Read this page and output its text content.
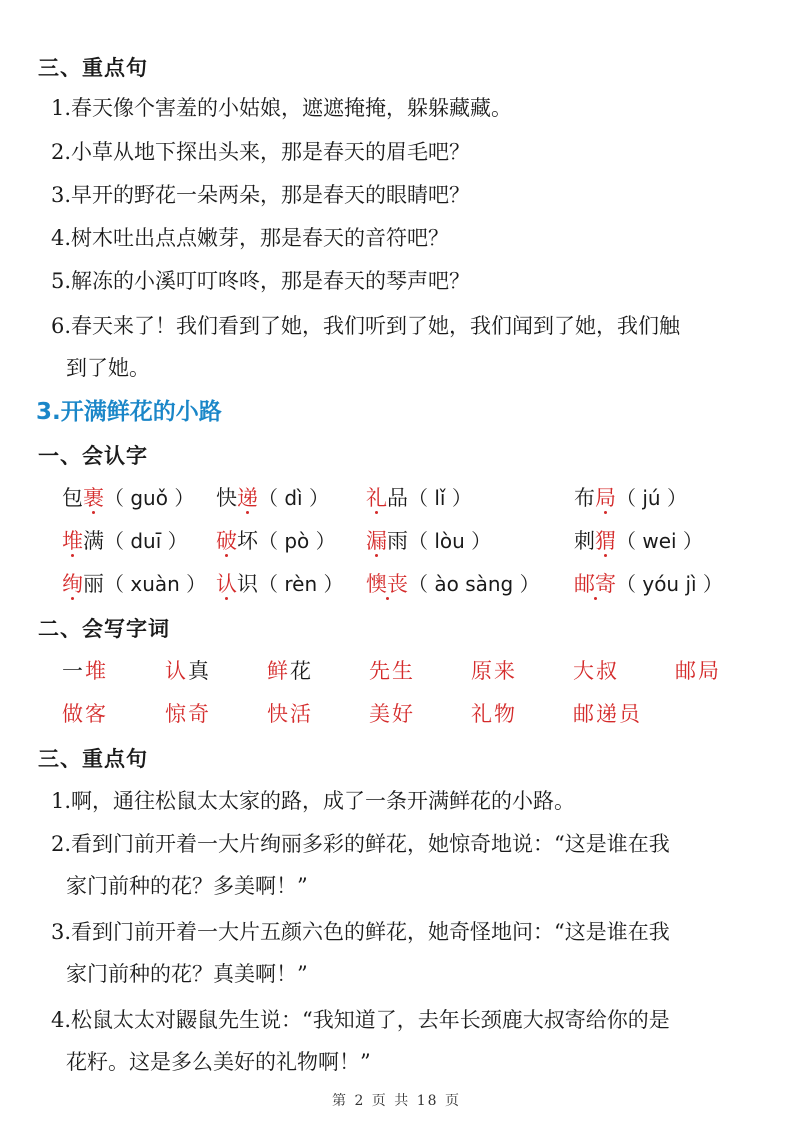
三、重点句
1.春天像个害羞的小姑娘，遮遮掩掩，躲躲藏藏。
2.小草从地下探出头来，那是春天的眉毛吧？
3.早开的野花一朵两朵，那是春天的眼睛吧？
4.树木吐出点点嫩芽，那是春天的音符吧？
5.解冻的小溪叮叮咚咚，那是春天的琴声吧？
6.春天来了！我们看到了她，我们听到了她，我们闻到了她，我们触
到了她。
3.开满鲜花的小路
一、会认字
包裹（ guǒ ） 快递（ dì ） 礼品（ lǐ ）	布局（ jú ）
堆满（ duī ） 破坏（ pò ） 漏雨（ lòu ）	刺猬（ wei ）
绚丽（ xuàn ） 认识（ rèn ） 懊丧（ ào sàng ） 邮寄（ yóu jì ）
二、会写字词
一堆	认真	鲜花	先生	原来	大叔	邮局
做客	惊奇	快活	美好	礼物	邮递员
三、重点句
1.啊，通往松鼠太太家的路，成了一条开满鲜花的小路。
2.看到门前开着一大片绚丽多彩的鲜花，她惊奇地说：“这是谁在我
家门前种的花？多美啊！”
3.看到门前开着一大片五颜六色的鲜花，她奇怪地问：“这是谁在我
家门前种的花？真美啊！”
4.松鼠太太对鼹鼠先生说：“我知道了，去年长颈鹿大叔寄给你的是
花籽。这是多么美好的礼物啊！”
第 2 页 共 18 页
